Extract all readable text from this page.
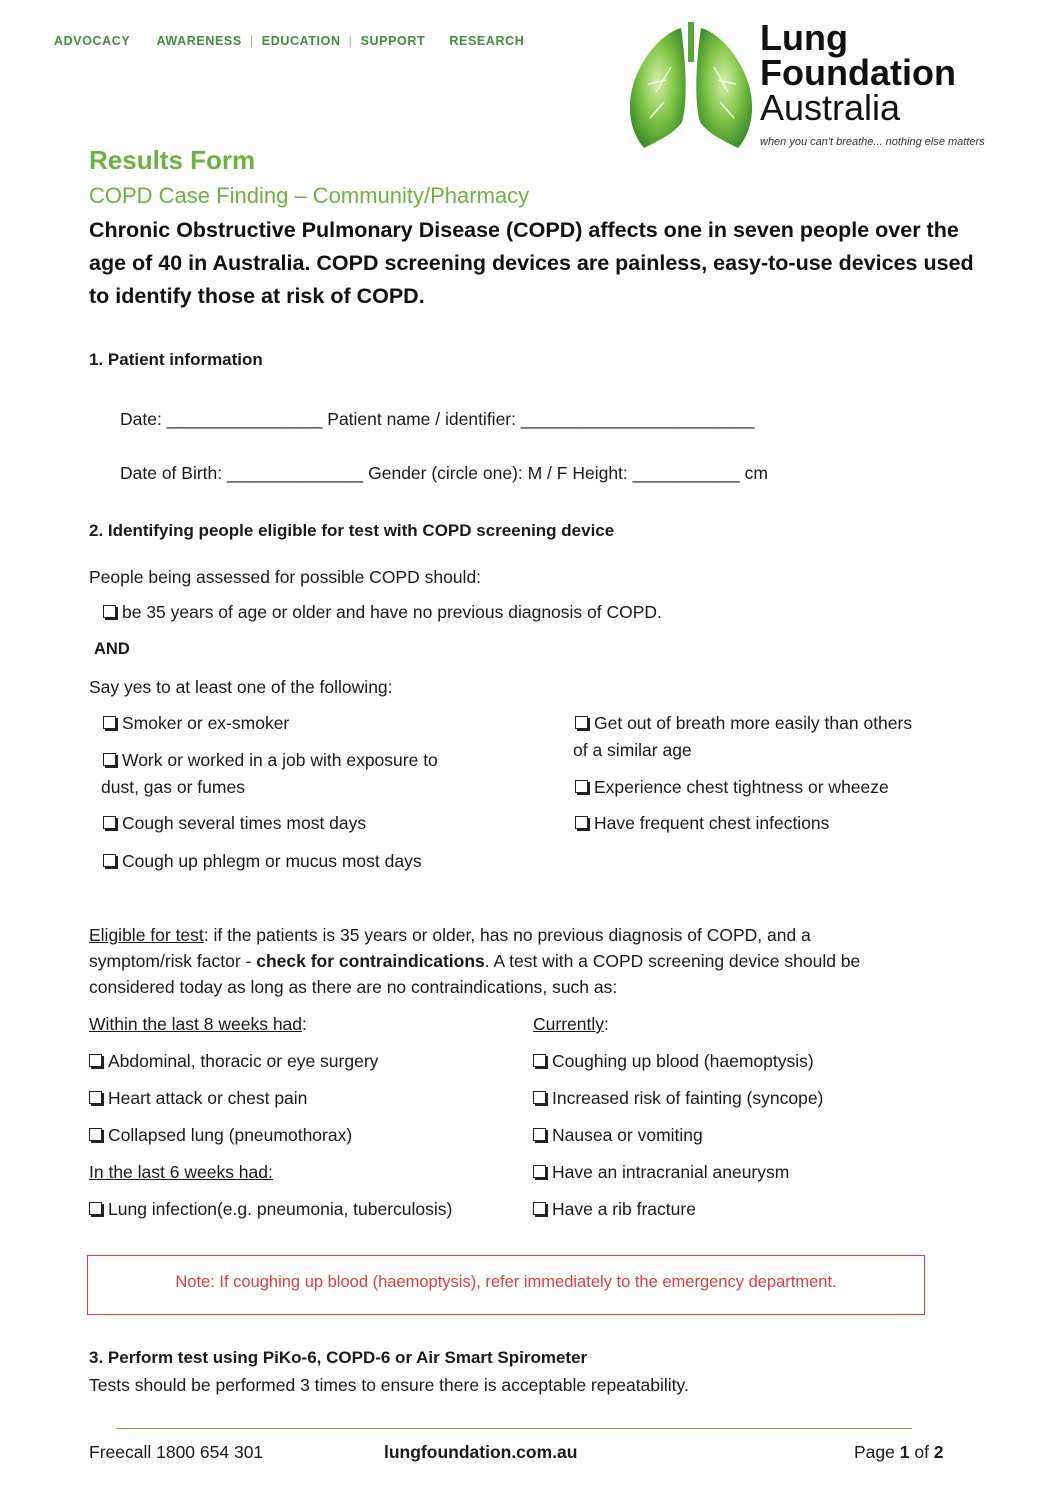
ADVOCACY AWARENESS | EDUCATION | SUPPORT RESEARCH	Lung
Foundation
Australia
when you can't breathe... nothing else matters
Results Form
COPD Case Finding – Community/Pharmacy
Chronic Obstructive Pulmonary Disease (COPD) affects one in seven people over the age of 40 in Australia. COPD screening devices are painless, easy-to-use devices used to identify those at risk of COPD.
1. Patient information
Date: ________________ Patient name / identifier: ________________________
Date of Birth: ______________ Gender (circle one): M / F Height: ___________ cm
2. Identifying people eligible for test with COPD screening device
People being assessed for possible COPD should:
be 35 years of age or older and have no previous diagnosis of COPD.
AND
Say yes to at least one of the following:
Smoker or ex-smoker
Work or worked in a job with exposure to
dust, gas or fumes
Cough several times most days
Cough up phlegm or mucus most days
Get out of breath more easily than others
of a similar age
Experience chest tightness or wheeze
Have frequent chest infections
Eligible for test: if the patients is 35 years or older, has no previous diagnosis of COPD, and a
symptom/risk factor - check for contraindications. A test with a COPD screening device should be
considered today as long as there are no contraindications, such as:
Within the last 8 weeks had:
Abdominal, thoracic or eye surgery
Heart attack or chest pain
Collapsed lung (pneumothorax)
In the last 6 weeks had:
Lung infection(e.g. pneumonia, tuberculosis)
Currently:
Coughing up blood (haemoptysis)
Increased risk of fainting (syncope)
Nausea or vomiting
Have an intracranial aneurysm
Have a rib fracture
Note: If coughing up blood (haemoptysis), refer immediately to the emergency department.
3. Perform test using PiKo-6, COPD-6 or Air Smart Spirometer
Tests should be performed 3 times to ensure there is acceptable repeatability.
Freecall 1800 654 301	lungfoundation.com.au	Page 1 of 2
